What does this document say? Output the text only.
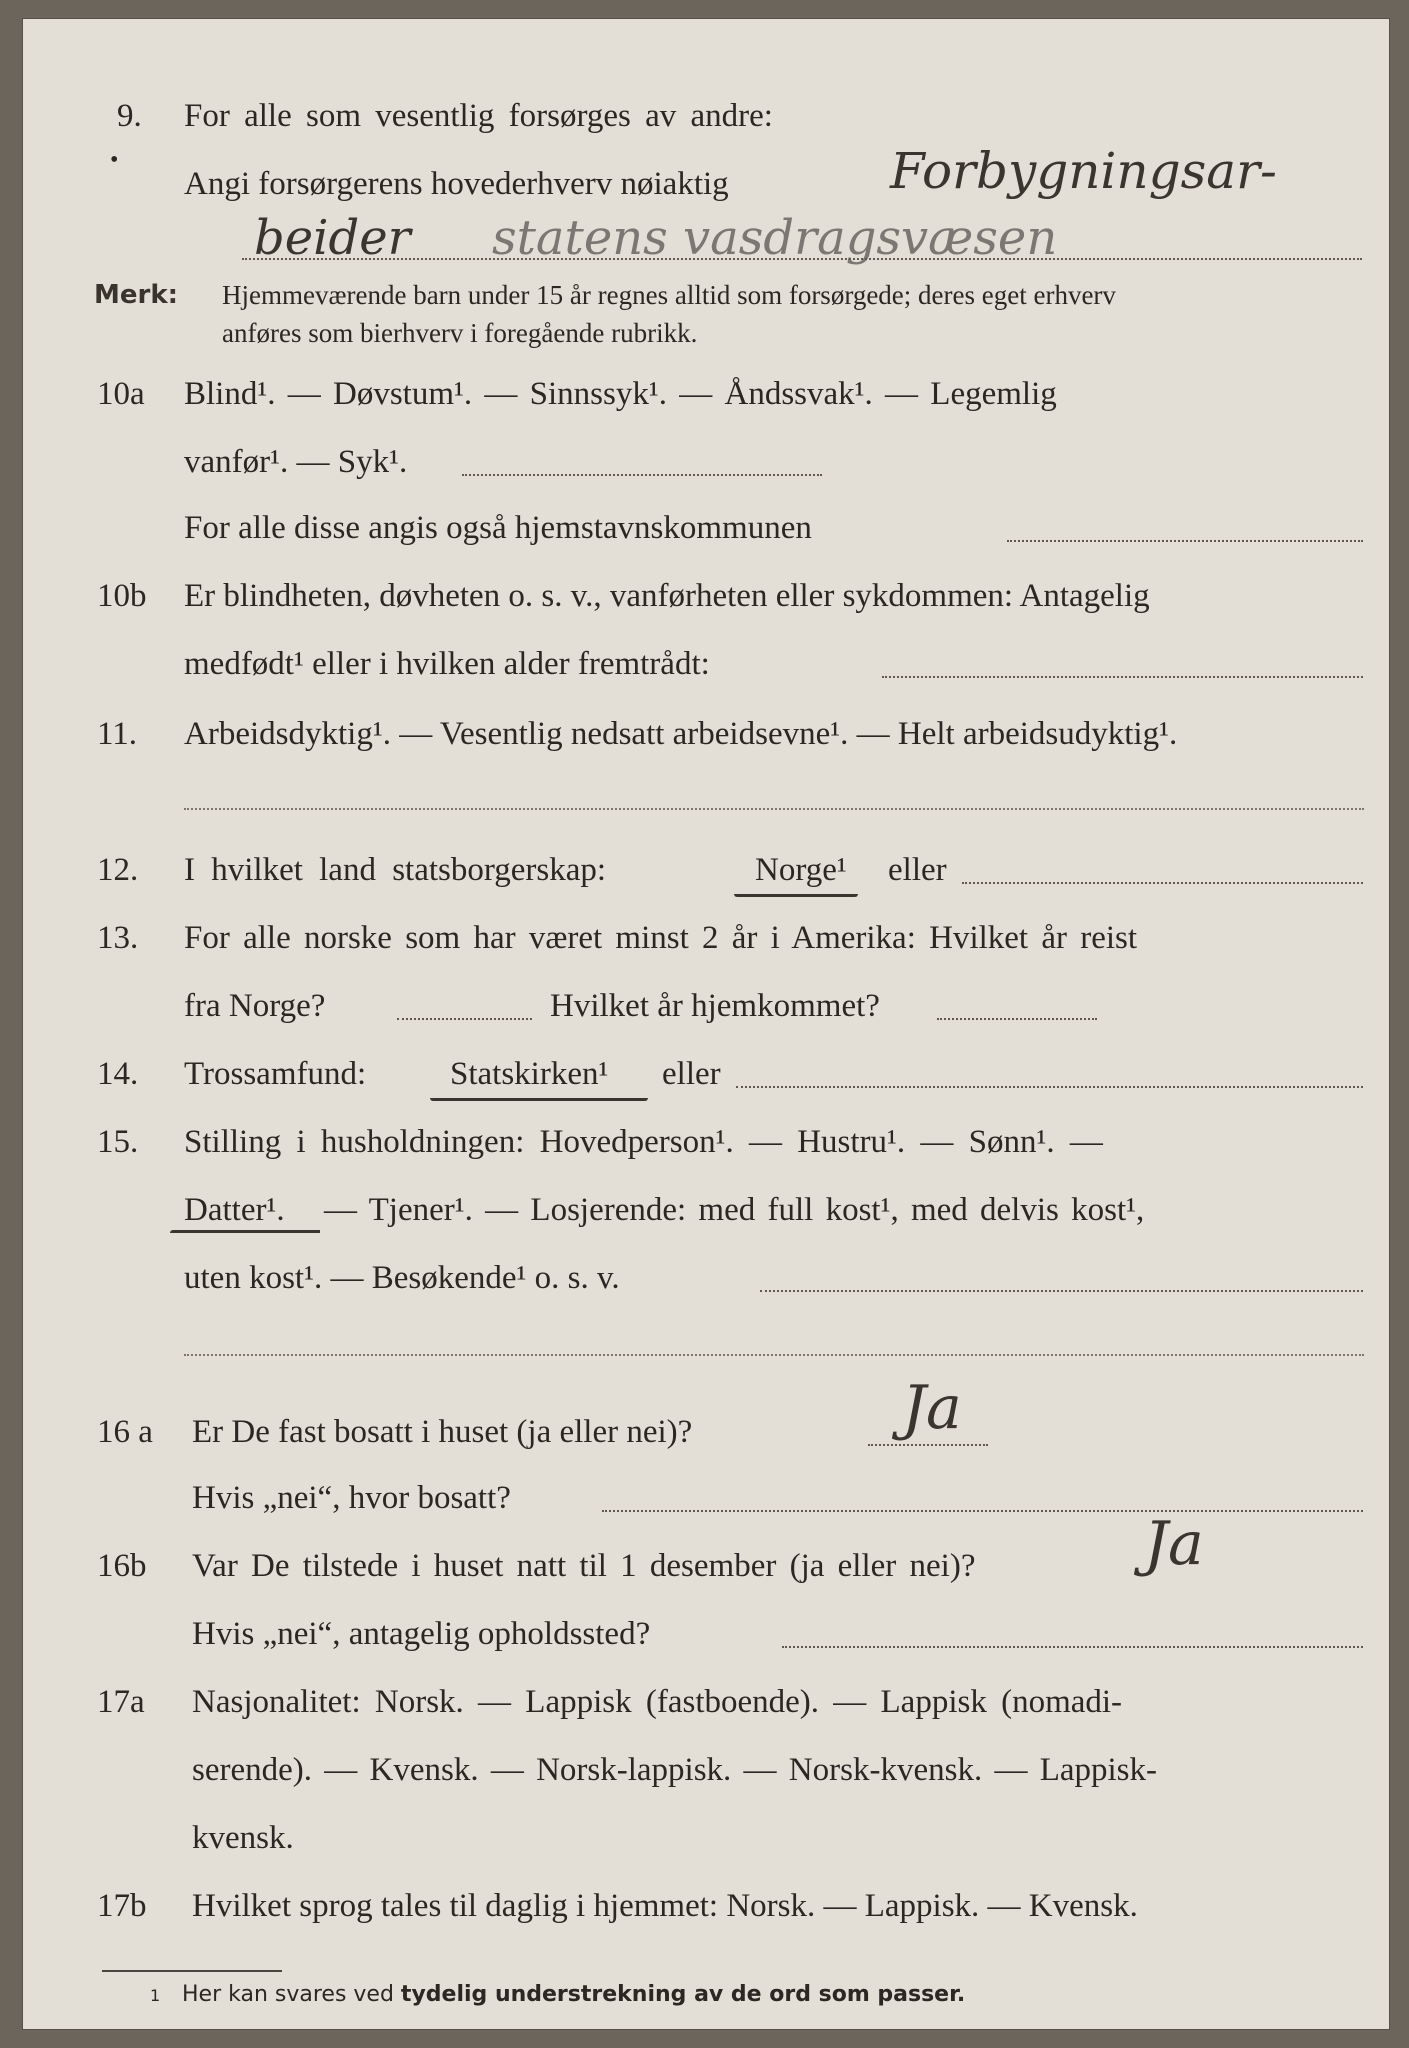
9. For alle som vesentlig forsørges av andre:
•
Angi forsørgerens hovederhverv nøiaktig	Forbygningsar-
beider statens vasdragsvæsen
Merk: Hjemmeværende barn under 15 år regnes alltid som forsørgede; deres eget erhverv
anføres som bierhverv i foregående rubrikk.
10a Blind¹. — Døvstum¹. — Sinnssyk¹. — Åndssvak¹. — Legemlig
vanfør¹. — Syk¹.
For alle disse angis også hjemstavnskommunen
10b Er blindheten, døvheten o. s. v., vanførheten eller sykdommen: Antagelig
medfødt¹ eller i hvilken alder fremtrådt:
11. Arbeidsdyktig¹. — Vesentlig nedsatt arbeidsevne¹. — Helt arbeidsudyktig¹.
12. I hvilket land statsborgerskap:	Norge¹ eller
13. For alle norske som har været minst 2 år i Amerika: Hvilket år reist
fra Norge?	Hvilket år hjemkommet?
14. Trossamfund:	Statskirken¹ eller
15. Stilling i husholdningen: Hovedperson¹. — Hustru¹. — Sønn¹. —
Datter¹. — Tjener¹. — Losjerende: med full kost¹, med delvis kost¹,
uten kost¹. — Besøkende¹ o. s. v.
16 a Er De fast bosatt i huset (ja eller nei)?	Ja
Hvis „nei“, hvor bosatt?
16b Var De tilstede i huset natt til 1 desember (ja eller nei)?	Ja
Hvis „nei“, antagelig opholdssted?
17a Nasjonalitet: Norsk. — Lappisk (fastboende). — Lappisk (nomadi-
serende). — Kvensk. — Norsk-lappisk. — Norsk-kvensk. — Lappisk-
kvensk.
17b Hvilket sprog tales til daglig i hjemmet: Norsk. — Lappisk. — Kvensk.
1 Her kan svares ved tydelig understrekning av de ord som passer.
